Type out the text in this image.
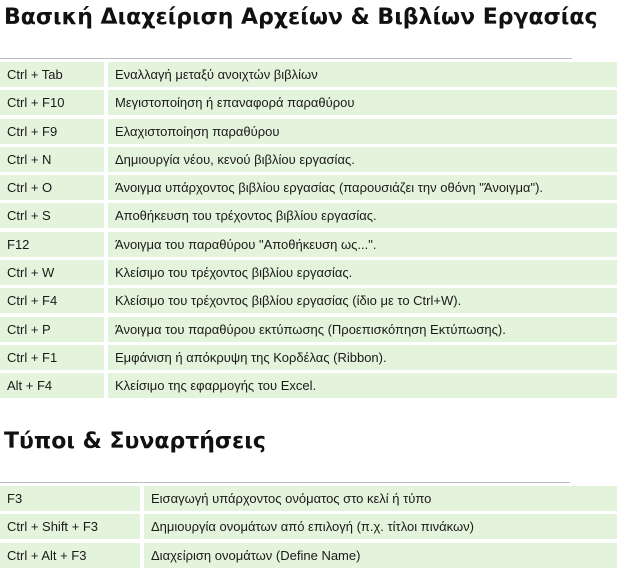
Βασική Διαχείριση Αρχείων & Βιβλίων Εργασίας
Ctrl + Tab	Εναλλαγή μεταξύ ανοιχτών βιβλίων
Ctrl + F10	Μεγιστοποίηση ή επαναφορά παραθύρου
Ctrl + F9	Ελαχιστοποίηση παραθύρου
Ctrl + N	Δημιουργία νέου, κενού βιβλίου εργασίας.
Ctrl + O	Άνοιγμα υπάρχοντος βιβλίου εργασίας (παρουσιάζει την οθόνη "Άνοιγμα").
Ctrl + S	Αποθήκευση του τρέχοντος βιβλίου εργασίας.
F12	Άνοιγμα του παραθύρου "Αποθήκευση ως...".
Ctrl + W	Κλείσιμο του τρέχοντος βιβλίου εργασίας.
Ctrl + F4	Κλείσιμο του τρέχοντος βιβλίου εργασίας (ίδιο με το Ctrl+W).
Ctrl + P	Άνοιγμα του παραθύρου εκτύπωσης (Προεπισκόπηση Εκτύπωσης).
Ctrl + F1	Εμφάνιση ή απόκρυψη της Κορδέλας (Ribbon).
Alt + F4	Κλείσιμο της εφαρμογής του Excel.
Τύποι & Συναρτήσεις
F3	Εισαγωγή υπάρχοντος ονόματος στο κελί ή τύπο
Ctrl + Shift + F3	Δημιουργία ονομάτων από επιλογή (π.χ. τίτλοι πινάκων)
Ctrl + Alt + F3	Διαχείριση ονομάτων (Define Name)
